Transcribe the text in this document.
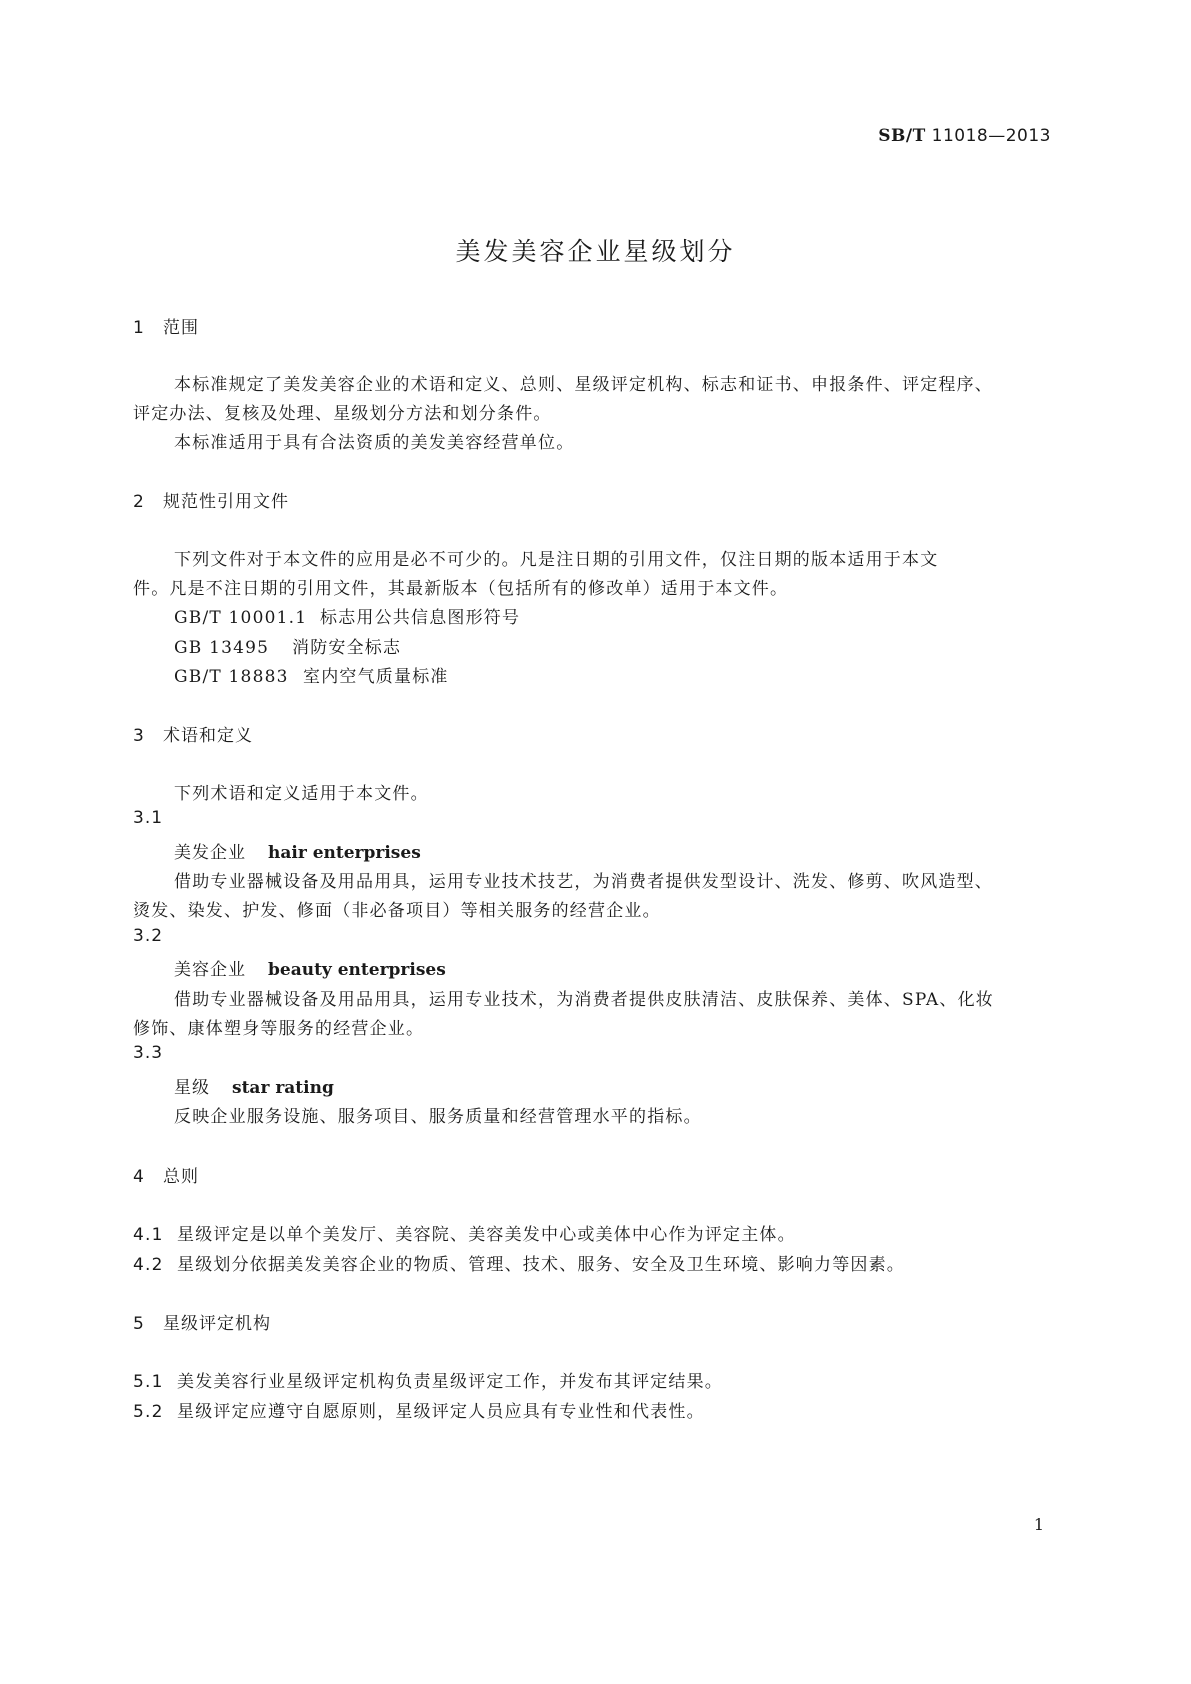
SB/T 11018—2013
美发美容企业星级划分
1 范围
本标准规定了美发美容企业的术语和定义、总则、星级评定机构、标志和证书、申报条件、评定程序、
评定办法、复核及处理、星级划分方法和划分条件。
本标准适用于具有合法资质的美发美容经营单位。
2 规范性引用文件
下列文件对于本文件的应用是必不可少的。凡是注日期的引用文件，仅注日期的版本适用于本文
件。凡是不注日期的引用文件，其最新版本（包括所有的修改单）适用于本文件。
GB/T 10001.1 标志用公共信息图形符号
GB 13495 消防安全标志
GB/T 18883 室内空气质量标准
3 术语和定义
下列术语和定义适用于本文件。
3.1
美发企业 hair enterprises
借助专业器械设备及用品用具，运用专业技术技艺，为消费者提供发型设计、洗发、修剪、吹风造型、
烫发、染发、护发、修面（非必备项目）等相关服务的经营企业。
3.2
美容企业 beauty enterprises
借助专业器械设备及用品用具，运用专业技术，为消费者提供皮肤清洁、皮肤保养、美体、SPA、化妆
修饰、康体塑身等服务的经营企业。
3.3
星级 star rating
反映企业服务设施、服务项目、服务质量和经营管理水平的指标。
4 总则
4.1 星级评定是以单个美发厅、美容院、美容美发中心或美体中心作为评定主体。
4.2 星级划分依据美发美容企业的物质、管理、技术、服务、安全及卫生环境、影响力等因素。
5 星级评定机构
5.1 美发美容行业星级评定机构负责星级评定工作，并发布其评定结果。
5.2 星级评定应遵守自愿原则，星级评定人员应具有专业性和代表性。
1
